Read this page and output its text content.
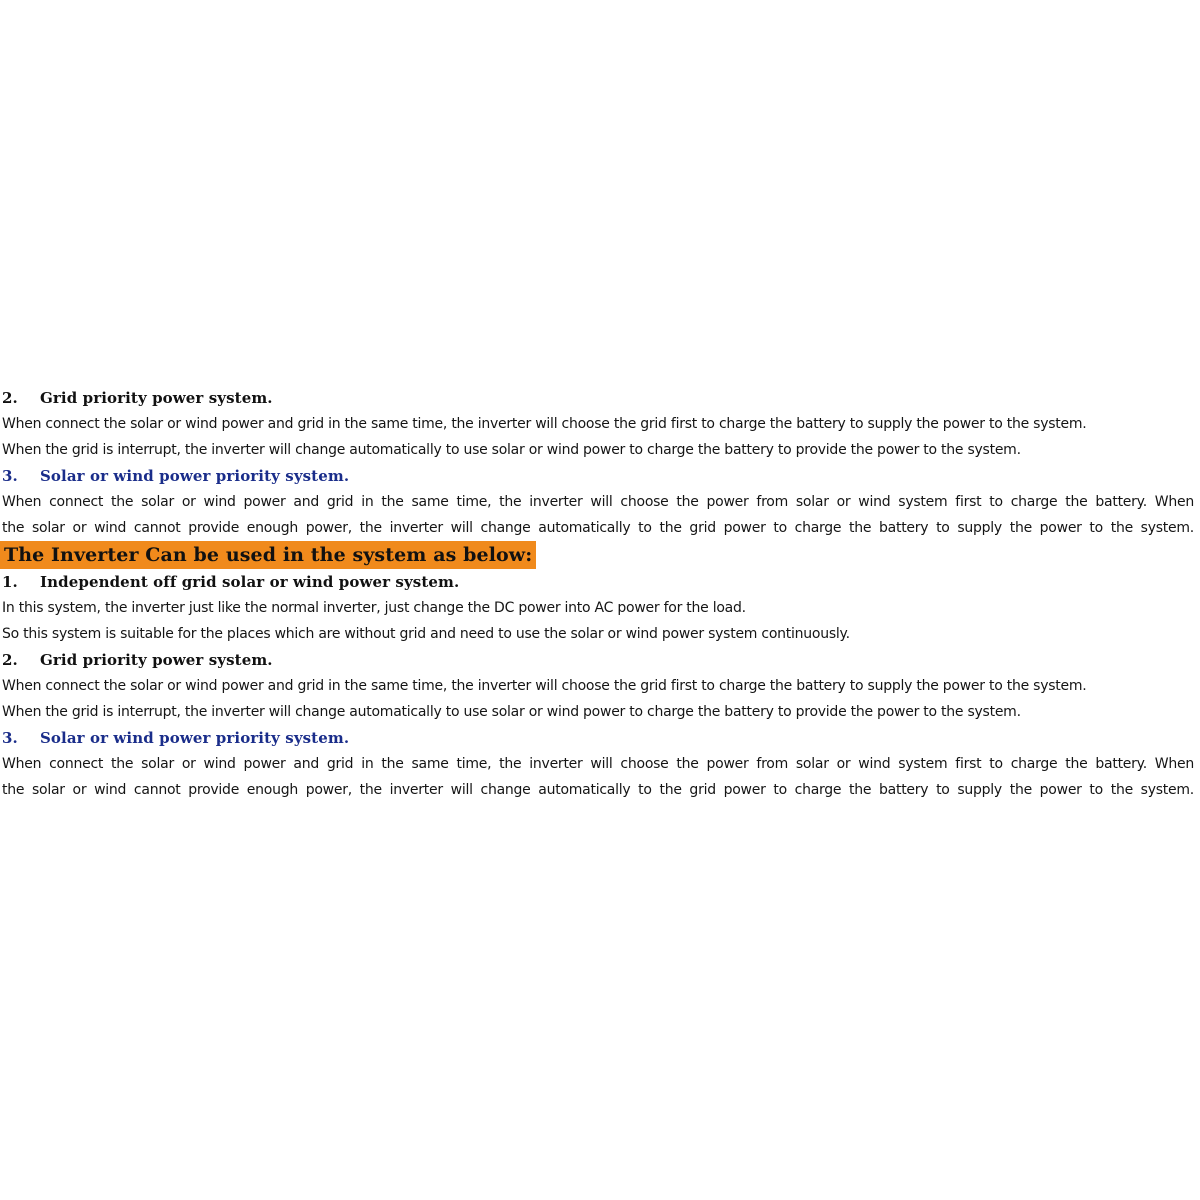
2. Grid priority power system.
When connect the solar or wind power and grid in the same time, the inverter will choose the grid first to charge the battery to supply the power to the system.
When the grid is interrupt, the inverter will change automatically to use solar or wind power to charge the battery to provide the power to the system.
3. Solar or wind power priority system.
When connect the solar or wind power and grid in the same time, the inverter will choose the power from solar or wind system first to charge the battery. When
the solar or wind cannot provide enough power, the inverter will change automatically to the grid power to charge the battery to supply the power to the system.
The Inverter Can be used in the system as below:
1. Independent off grid solar or wind power system.
In this system, the inverter just like the normal inverter, just change the DC power into AC power for the load.
So this system is suitable for the places which are without grid and need to use the solar or wind power system continuously.
2. Grid priority power system.
When connect the solar or wind power and grid in the same time, the inverter will choose the grid first to charge the battery to supply the power to the system.
When the grid is interrupt, the inverter will change automatically to use solar or wind power to charge the battery to provide the power to the system.
3. Solar or wind power priority system.
When connect the solar or wind power and grid in the same time, the inverter will choose the power from solar or wind system first to charge the battery. When
the solar or wind cannot provide enough power, the inverter will change automatically to the grid power to charge the battery to supply the power to the system.
